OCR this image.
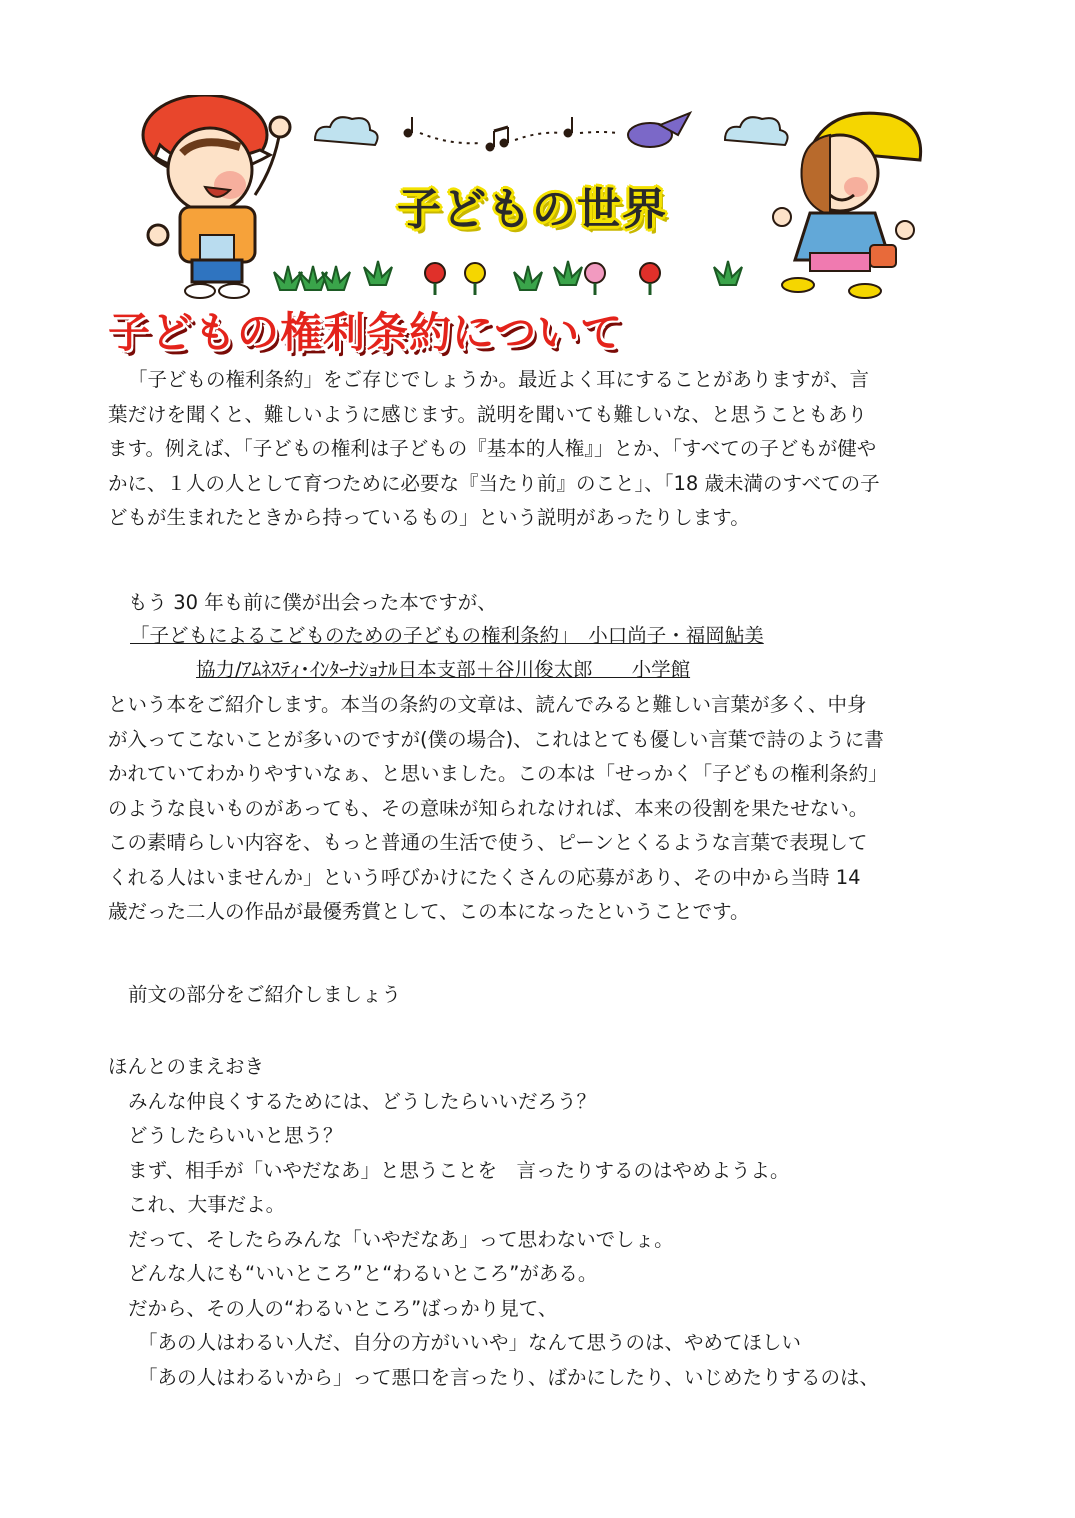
子どもの世界
子どもの権利条約について

「子どもの権利条約」をご存じでしょうか。最近よく耳にすることがありますが、言

葉だけを聞くと、難しいように感じます。説明を聞いても難しいな、と思うこともあり

ます。例えば、「子どもの権利は子どもの『基本的人権』」とか、「すべての子どもが健や

かに、１人の人として育つために必要な『当たり前』のこと」、「18 歳未満のすべての子

どもが生まれたときから持っているもの」という説明があったりします。

もう 30 年も前に僕が出会った本ですが、

「子どもによるこどものための子どもの権利条約」　小口尚子・福岡鮎美
協力/ｱﾑﾈｽﾃｨ･ｲﾝﾀｰﾅｼｮﾅﾙ日本支部＋谷川俊太郎　　小学館

という本をご紹介します。本当の条約の文章は、読んでみると難しい言葉が多く、中身

が入ってこないことが多いのですが(僕の場合)、これはとても優しい言葉で詩のように書

かれていてわかりやすいなぁ、と思いました。この本は「せっかく「子どもの権利条約」

のような良いものがあっても、その意味が知られなければ、本来の役割を果たせない。

この素晴らしい内容を、もっと普通の生活で使う、ピーンとくるような言葉で表現して

くれる人はいませんか」という呼びかけにたくさんの応募があり、その中から当時 14

歳だった二人の作品が最優秀賞として、この本になったということです。

前文の部分をご紹介しましょう

ほんとのまえおき

みんな仲良くするためには、どうしたらいいだろう？

どうしたらいいと思う？

まず、相手が「いやだなあ」と思うことを　言ったりするのはやめようよ。

これ、大事だよ。

だって、そしたらみんな「いやだなあ」って思わないでしょ。

どんな人にも“いいところ”と“わるいところ”がある。

だから、その人の“わるいところ”ばっかり見て、

「あの人はわるい人だ、自分の方がいいや」なんて思うのは、やめてほしい

「あの人はわるいから」って悪口を言ったり、ばかにしたり、いじめたりするのは、
